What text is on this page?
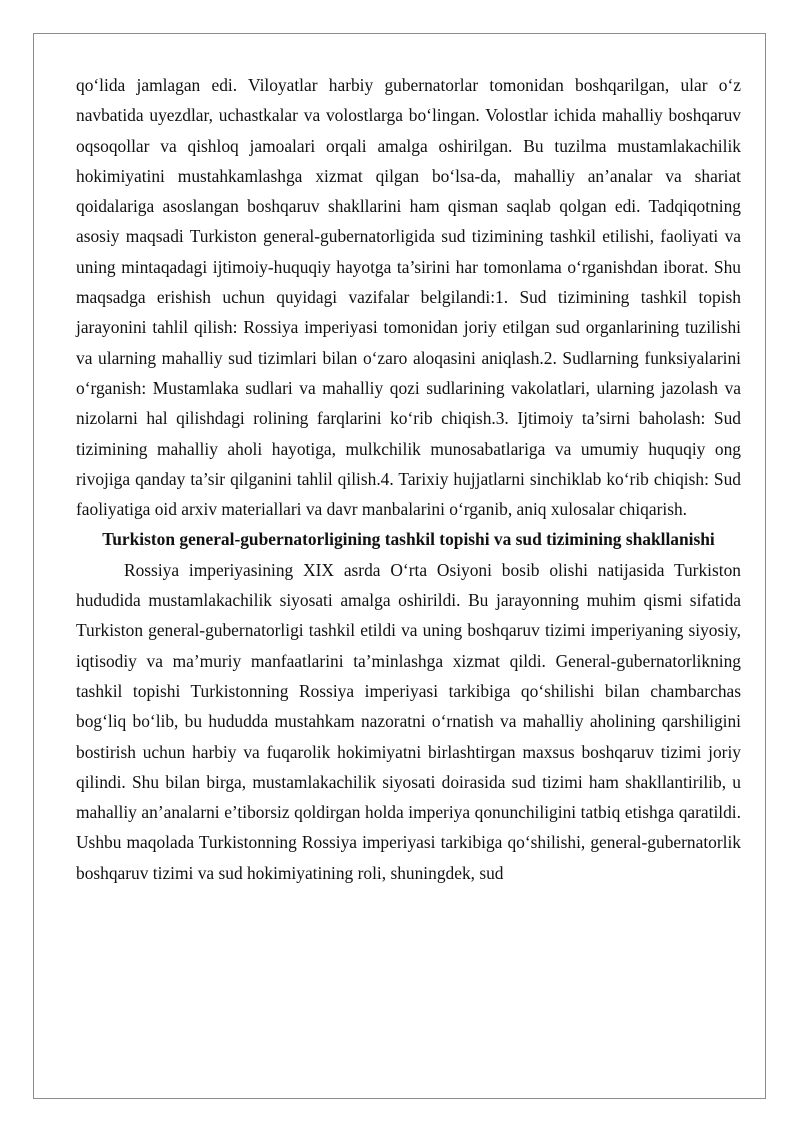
qo‘lida jamlagan edi. Viloyatlar harbiy gubernatorlar tomonidan boshqarilgan, ular o‘z navbatida uyezdlar, uchastkalar va volostlarga bo‘lingan. Volostlar ichida mahalliy boshqaruv oqsoqollar va qishloq jamoalari orqali amalga oshirilgan. Bu tuzilma mustamlakachilik hokimiyatini mustahkamlashga xizmat qilgan bo‘lsa-da, mahalliy an’analar va shariat qoidalariga asoslangan boshqaruv shakllarini ham qisman saqlab qolgan edi. Tadqiqotning asosiy maqsadi Turkiston general-gubernatorligida sud tizimining tashkil etilishi, faoliyati va uning mintaqadagi ijtimoiy-huquqiy hayotga ta’sirini har tomonlama o‘rganishdan iborat. Shu maqsadga erishish uchun quyidagi vazifalar belgilandi:1. Sud tizimining tashkil topish jarayonini tahlil qilish: Rossiya imperiyasi tomonidan joriy etilgan sud organlarining tuzilishi va ularning mahalliy sud tizimlari bilan o‘zaro aloqasini aniqlash.2. Sudlarning funksiyalarini o‘rganish: Mustamlaka sudlari va mahalliy qozi sudlarining vakolatlari, ularning jazolash va nizolarni hal qilishdagi rolining farqlarini ko‘rib chiqish.3. Ijtimoiy ta’sirni baholash: Sud tizimining mahalliy aholi hayotiga, mulkchilik munosabatlariga va umumiy huquqiy ong rivojiga qanday ta’sir qilganini tahlil qilish.4. Tarixiy hujjatlarni sinchiklab ko‘rib chiqish: Sud faoliyatiga oid arxiv materiallari va davr manbalarini o‘rganib, aniq xulosalar chiqarish.

Turkiston general-gubernatorligining tashkil topishi va sud tizimining shakllanishi

Rossiya imperiyasining XIX asrda O‘rta Osiyoni bosib olishi natijasida Turkiston hududida mustamlakachilik siyosati amalga oshirildi. Bu jarayonning muhim qismi sifatida Turkiston general-gubernatorligi tashkil etildi va uning boshqaruv tizimi imperiyaning siyosiy, iqtisodiy va ma’muriy manfaatlarini ta’minlashga xizmat qildi. General-gubernatorlikning tashkil topishi Turkistonning Rossiya imperiyasi tarkibiga qo‘shilishi bilan chambarchas bog‘liq bo‘lib, bu hududda mustahkam nazoratni o‘rnatish va mahalliy aholining qarshiligini bostirish uchun harbiy va fuqarolik hokimiyatni birlashtirgan maxsus boshqaruv tizimi joriy qilindi. Shu bilan birga, mustamlakachilik siyosati doirasida sud tizimi ham shakllantirilib, u mahalliy an’analarni e’tiborsiz qoldirgan holda imperiya qonunchiligini tatbiq etishga qaratildi. Ushbu maqolada Turkistonning Rossiya imperiyasi tarkibiga qo‘shilishi, general-gubernatorlik boshqaruv tizimi va sud hokimiyatining roli, shuningdek, sud
